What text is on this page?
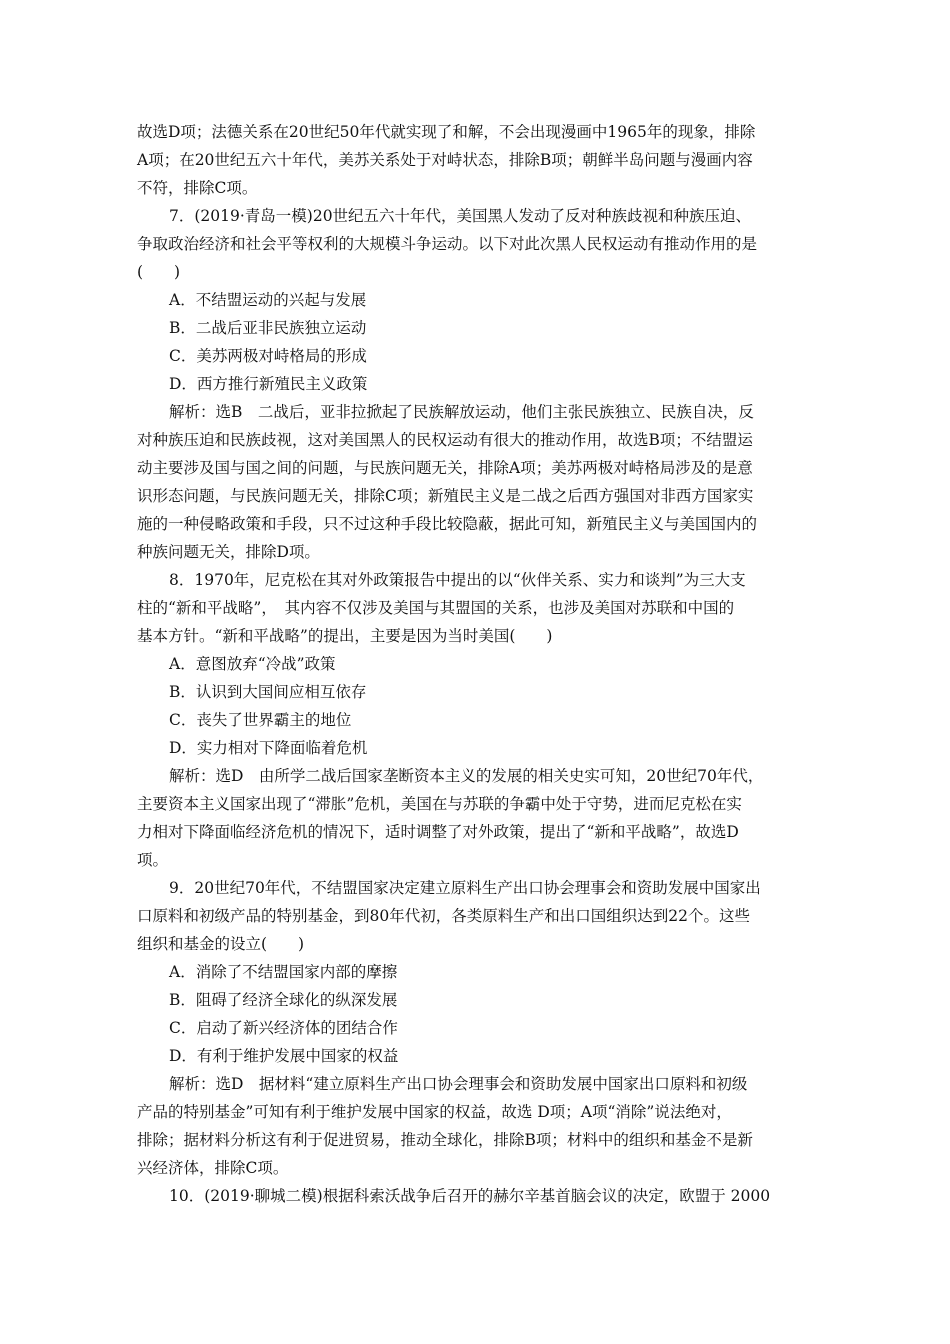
故选D项；法德关系在20世纪50年代就实现了和解，不会出现漫画中1965年的现象，排除
A项；在20世纪五六十年代，美苏关系处于对峙状态，排除B项；朝鲜半岛问题与漫画内容
不符，排除C项。
7．(2019·青岛一模)20世纪五六十年代，美国黑人发动了反对种族歧视和种族压迫、
争取政治经济和社会平等权利的大规模斗争运动。以下对此次黑人民权运动有推动作用的是
(　　)
A．不结盟运动的兴起与发展
B．二战后亚非民族独立运动
C．美苏两极对峙格局的形成
D．西方推行新殖民主义政策
解析：选B　二战后，亚非拉掀起了民族解放运动，他们主张民族独立、民族自决，反
对种族压迫和民族歧视，这对美国黑人的民权运动有很大的推动作用，故选B项；不结盟运
动主要涉及国与国之间的问题，与民族问题无关，排除A项；美苏两极对峙格局涉及的是意
识形态问题，与民族问题无关，排除C项；新殖民主义是二战之后西方强国对非西方国家实
施的一种侵略政策和手段，只不过这种手段比较隐蔽，据此可知，新殖民主义与美国国内的
种族问题无关，排除D项。
8．1970年，尼克松在其对外政策报告中提出的以“伙伴关系、实力和谈判”为三大支
柱的“新和平战略”，　其内容不仅涉及美国与其盟国的关系，也涉及美国对苏联和中国的
基本方针。“新和平战略”的提出，主要是因为当时美国(　　)
A．意图放弃“冷战”政策
B．认识到大国间应相互依存
C．丧失了世界霸主的地位
D．实力相对下降面临着危机
解析：选D　由所学二战后国家垄断资本主义的发展的相关史实可知，20世纪70年代，
主要资本主义国家出现了“滞胀”危机，美国在与苏联的争霸中处于守势，进而尼克松在实
力相对下降面临经济危机的情况下，适时调整了对外政策，提出了“新和平战略”，故选D
项。
9．20世纪70年代，不结盟国家决定建立原料生产出口协会理事会和资助发展中国家出
口原料和初级产品的特别基金，到80年代初，各类原料生产和出口国组织达到22个。这些
组织和基金的设立(　　)
A．消除了不结盟国家内部的摩擦
B．阻碍了经济全球化的纵深发展
C．启动了新兴经济体的团结合作
D．有利于维护发展中国家的权益
解析：选D　据材料“建立原料生产出口协会理事会和资助发展中国家出口原料和初级
产品的特别基金”可知有利于维护发展中国家的权益，故选 D项；A项“消除”说法绝对，
排除；据材料分析这有利于促进贸易，推动全球化，排除B项；材料中的组织和基金不是新
兴经济体，排除C项。
10．(2019·聊城二模)根据科索沃战争后召开的赫尔辛基首脑会议的决定，欧盟于 2000
